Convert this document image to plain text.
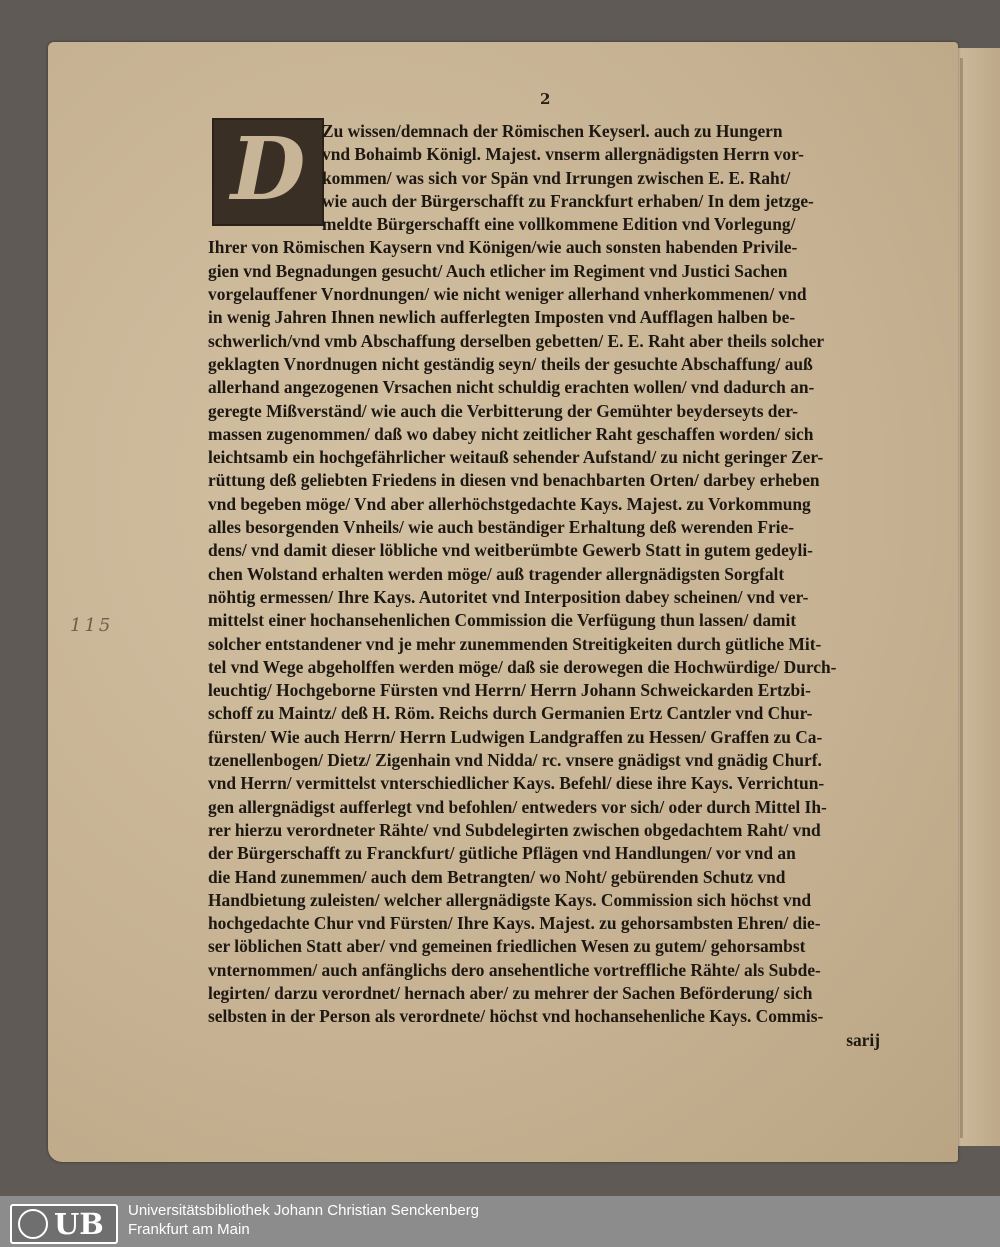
115
2
D Zu wissen/demnach der Römischen Keyserl. auch zu Hungern
vnd Bohaimb Königl. Majest. vnserm allergnädigsten Herrn vor-
kommen/ was sich vor Spän vnd Irrungen zwischen E. E. Raht/
wie auch der Bürgerschafft zu Franckfurt erhaben/ In dem jetzge-
meldte Bürgerschafft eine vollkommene Edition vnd Vorlegung/
Ihrer von Römischen Kaysern vnd Königen/wie auch sonsten habenden Privile-
gien vnd Begnadungen gesucht/ Auch etlicher im Regiment vnd Justici Sachen
vorgelauffener Vnordnungen/ wie nicht weniger allerhand vnherkommenen/ vnd
in wenig Jahren Ihnen newlich aufferlegten Imposten vnd Aufflagen halben be-
schwerlich/vnd vmb Abschaffung derselben gebetten/ E. E. Raht aber theils solcher
geklagten Vnordnugen nicht geständig seyn/ theils der gesuchte Abschaffung/ auß
allerhand angezogenen Vrsachen nicht schuldig erachten wollen/ vnd dadurch an-
geregte Mißverständ/ wie auch die Verbitterung der Gemühter beyderseyts der-
massen zugenommen/ daß wo dabey nicht zeitlicher Raht geschaffen worden/ sich
leichtsamb ein hochgefährlicher weitauß sehender Aufstand/ zu nicht geringer Zer-
rüttung deß geliebten Friedens in diesen vnd benachbarten Orten/ darbey erheben
vnd begeben möge/ Vnd aber allerhöchstgedachte Kays. Majest. zu Vorkommung
alles besorgenden Vnheils/ wie auch beständiger Erhaltung deß werenden Frie-
dens/ vnd damit dieser löbliche vnd weitberümbte Gewerb Statt in gutem gedeyli-
chen Wolstand erhalten werden möge/ auß tragender allergnädigsten Sorgfalt
nöhtig ermessen/ Ihre Kays. Autoritet vnd Interposition dabey scheinen/ vnd ver-
mittelst einer hochansehenlichen Commission die Verfügung thun lassen/ damit
solcher entstandener vnd je mehr zunemmenden Streitigkeiten durch gütliche Mit-
tel vnd Wege abgeholffen werden möge/ daß sie derowegen die Hochwürdige/ Durch-
leuchtig/ Hochgeborne Fürsten vnd Herrn/ Herrn Johann Schweickarden Ertzbi-
schoff zu Maintz/ deß H. Röm. Reichs durch Germanien Ertz Cantzler vnd Chur-
fürsten/ Wie auch Herrn/ Herrn Ludwigen Landgraffen zu Hessen/ Graffen zu Ca-
tzenellenbogen/ Dietz/ Zigenhain vnd Nidda/ rc. vnsere gnädigst vnd gnädig Churf.
vnd Herrn/ vermittelst vnterschiedlicher Kays. Befehl/ diese ihre Kays. Verrichtun-
gen allergnädigst aufferlegt vnd befohlen/ entweders vor sich/ oder durch Mittel Ih-
rer hierzu verordneter Rähte/ vnd Subdelegirten zwischen obgedachtem Raht/ vnd
der Bürgerschafft zu Franckfurt/ gütliche Pflägen vnd Handlungen/ vor vnd an
die Hand zunemmen/ auch dem Betrangten/ wo Noht/ gebürenden Schutz vnd
Handbietung zuleisten/ welcher allergnädigste Kays. Commission sich höchst vnd
hochgedachte Chur vnd Fürsten/ Ihre Kays. Majest. zu gehorsambsten Ehren/ die-
ser löblichen Statt aber/ vnd gemeinen friedlichen Wesen zu gutem/ gehorsambst
vnternommen/ auch anfänglichs dero ansehentliche vortreffliche Rähte/ als Subde-
legirten/ darzu verordnet/ hernach aber/ zu mehrer der Sachen Beförderung/ sich
selbsten in der Person als verordnete/ höchst vnd hochansehenliche Kays. Commis-
sarij
UB Universitätsbibliothek Johann Christian Senckenberg
Frankfurt am Main
